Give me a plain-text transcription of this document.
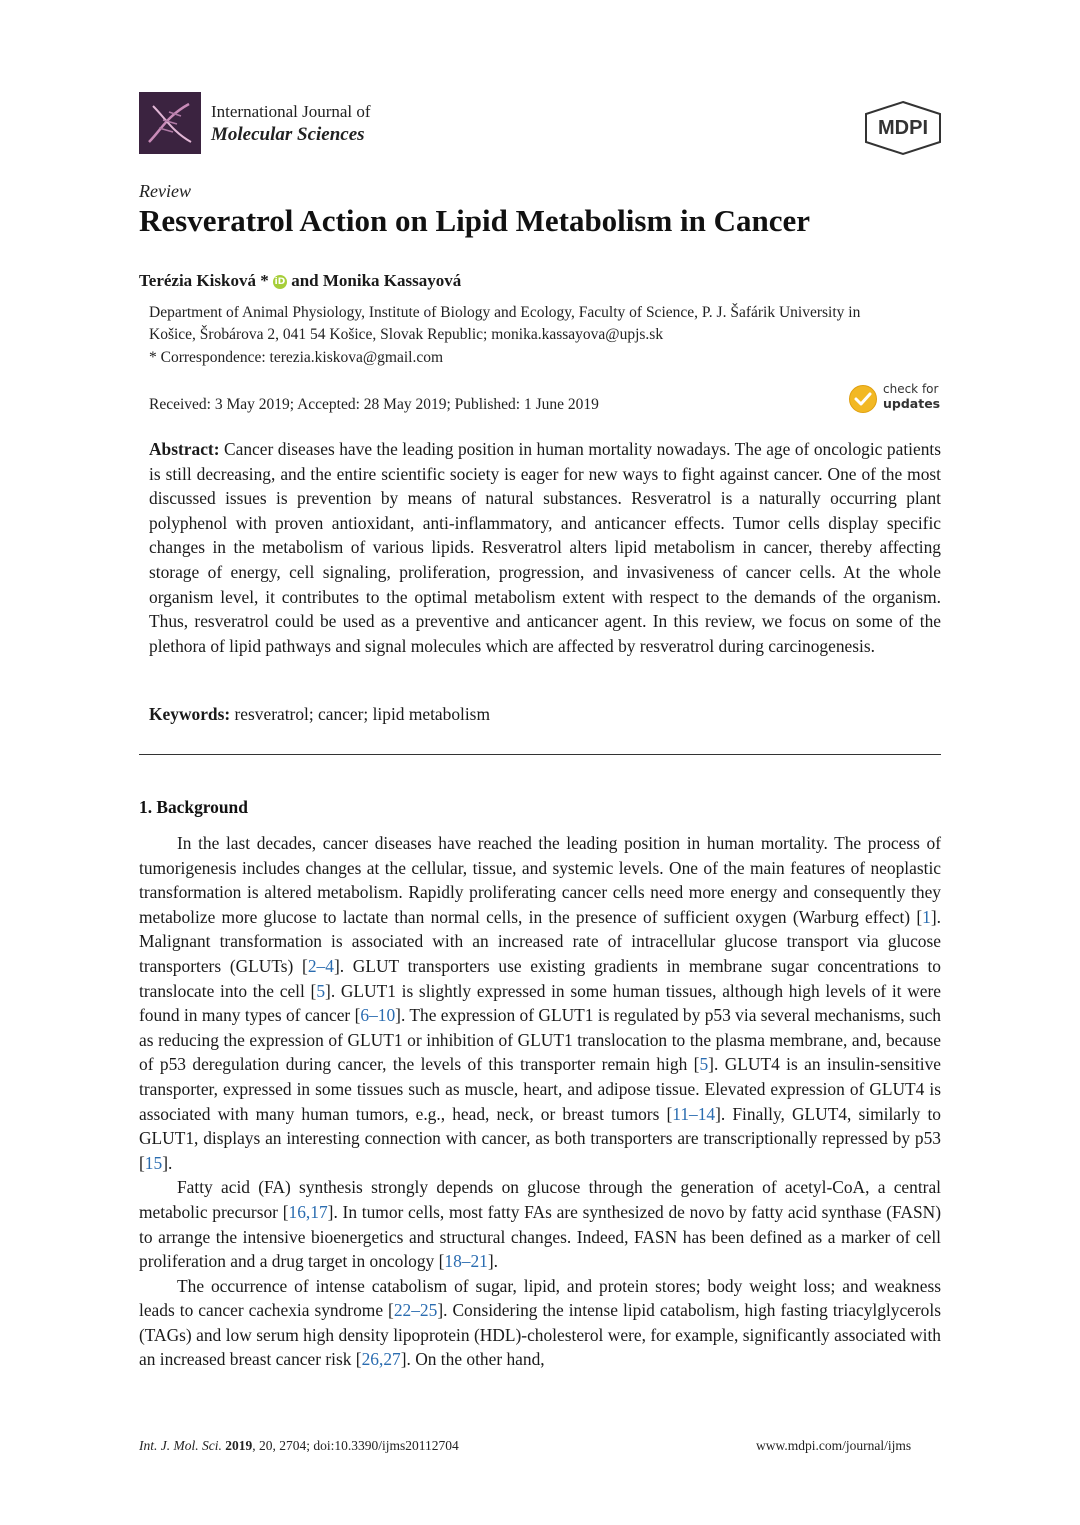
International Journal of
Molecular Sciences	MDPI
Review
Resveratrol Action on Lipid Metabolism in Cancer
Terézia Kisková * iD and Monika Kassayová
Department of Animal Physiology, Institute of Biology and Ecology, Faculty of Science, P. J. Šafárik University in
Košice, Šrobárova 2, 041 54 Košice, Slovak Republic; monika.kassayova@upjs.sk
* Correspondence: terezia.kiskova@gmail.com
Received: 3 May 2019; Accepted: 28 May 2019; Published: 1 June 2019
check for
updates
Abstract: Cancer diseases have the leading position in human mortality nowadays. The age of oncologic patients is still decreasing, and the entire scientific society is eager for new ways to fight against cancer. One of the most discussed issues is prevention by means of natural substances. Resveratrol is a naturally occurring plant polyphenol with proven antioxidant, anti-inflammatory, and anticancer effects. Tumor cells display specific changes in the metabolism of various lipids. Resveratrol alters lipid metabolism in cancer, thereby affecting storage of energy, cell signaling, proliferation, progression, and invasiveness of cancer cells. At the whole organism level, it contributes to the optimal metabolism extent with respect to the demands of the organism. Thus, resveratrol could be used as a preventive and anticancer agent. In this review, we focus on some of the plethora of lipid pathways and signal molecules which are affected by resveratrol during carcinogenesis.
Keywords: resveratrol; cancer; lipid metabolism
1. Background

In the last decades, cancer diseases have reached the leading position in human mortality. The process of tumorigenesis includes changes at the cellular, tissue, and systemic levels. One of the main features of neoplastic transformation is altered metabolism. Rapidly proliferating cancer cells need more energy and consequently they metabolize more glucose to lactate than normal cells, in the presence of sufficient oxygen (Warburg effect) [1]. Malignant transformation is associated with an increased rate of intracellular glucose transport via glucose transporters (GLUTs) [2–4]. GLUT transporters use existing gradients in membrane sugar concentrations to translocate into the cell [5]. GLUT1 is slightly expressed in some human tissues, although high levels of it were found in many types of cancer [6–10]. The expression of GLUT1 is regulated by p53 via several mechanisms, such as reducing the expression of GLUT1 or inhibition of GLUT1 translocation to the plasma membrane, and, because of p53 deregulation during cancer, the levels of this transporter remain high [5]. GLUT4 is an insulin-sensitive transporter, expressed in some tissues such as muscle, heart, and adipose tissue. Elevated expression of GLUT4 is associated with many human tumors, e.g., head, neck, or breast tumors [11–14]. Finally, GLUT4, similarly to GLUT1, displays an interesting connection with cancer, as both transporters are transcriptionally repressed by p53 [15].

Fatty acid (FA) synthesis strongly depends on glucose through the generation of acetyl-CoA, a central metabolic precursor [16,17]. In tumor cells, most fatty FAs are synthesized de novo by fatty acid synthase (FASN) to arrange the intensive bioenergetics and structural changes. Indeed, FASN has been defined as a marker of cell proliferation and a drug target in oncology [18–21].

The occurrence of intense catabolism of sugar, lipid, and protein stores; body weight loss; and weakness leads to cancer cachexia syndrome [22–25]. Considering the intense lipid catabolism, high fasting triacylglycerols (TAGs) and low serum high density lipoprotein (HDL)-cholesterol were, for example, significantly associated with an increased breast cancer risk [26,27]. On the other hand,

Int. J. Mol. Sci. 2019, 20, 2704; doi:10.3390/ijms20112704	www.mdpi.com/journal/ijms
